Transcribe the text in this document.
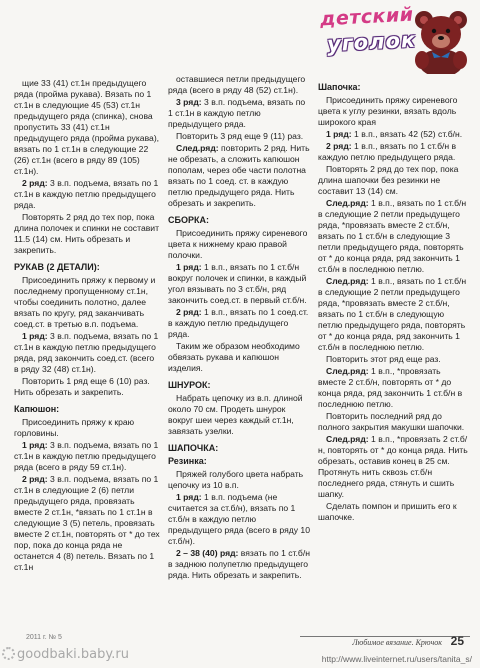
детский
уголок

щие 33 (41) ст.1н предыдущего ряда (пройма рукава). Вязать по 1 ст.1н в следующие 45 (53) ст.1н предыдущего ряда (спинка), снова пропустить 33 (41) ст.1н предыдущего ряда (пройма рукава), вязать по 1 ст.1н в следующие 22 (26) ст.1н (всего в ряду 89 (105) ст.1н).

2 ряд: 3 в.п. подъема, вязать по 1 ст.1н в каждую петлю предыдущего ряда.

Повторять 2 ряд до тех пор, пока длина полочек и спинки не составит 11.5 (14) см. Нить обрезать и закрепить.

РУКАВ (2 ДЕТАЛИ):

Присоединить пряжу к первому и последнему пропущенному ст.1н, чтобы соединить полотно, далее вязать по кругу, ряд заканчивать соед.ст. в третью в.п. подъема.

1 ряд: 3 в.п. подъема, вязать по 1 ст.1н в каждую петлю предыдущего ряда, ряд закончить соед.ст. (всего в ряду 32 (48) ст.1н).

Повторить 1 ряд еще 6 (10) раз. Нить обрезать и закрепить.

Капюшон:

Присоединить пряжу к краю горловины.

1 ряд: 3 в.п. подъема, вязать по 1 ст.1н в каждую петлю предыдущего ряда (всего в ряду 59 ст.1н).

2 ряд: 3 в.п. подъема, вязать по 1 ст.1н в следующие 2 (6) петли предыдущего ряда, провязать вместе 2 ст.1н, *вязать по 1 ст.1н в следующие 3 (5) петель, провязать вместе 2 ст.1н, повторять от * до тех пор, пока до конца ряда не останется 4 (8) петель. Вязать по 1 ст.1н

оставшиеся петли предыдущего ряда (всего в ряду 48 (52) ст.1н).

3 ряд: 3 в.п. подъема, вязать по 1 ст.1н в каждую петлю предыдущего ряда.

Повторить 3 ряд еще 9 (11) раз.

След.ряд: повторить 2 ряд. Нить не обрезать, а сложить капюшон пополам, через обе части полотна вязать по 1 соед. ст. в каждую петлю предыдущего ряда. Нить обрезать и закрепить.

СБОРКА:

Присоединить пряжу сиреневого цвета к нижнему краю правой полочки.

1 ряд: 1 в.п., вязать по 1 ст.б/н вокруг полочек и спинки, в каждый угол вязывать по 3 ст.б/н, ряд закончить соед.ст. в первый ст.б/н.

2 ряд: 1 в.п., вязать по 1 соед.ст. в каждую петлю предыдущего ряда.

Таким же образом необходимо обвязать рукава и капюшон изделия.

ШНУРОК:

Набрать цепочку из в.п. длиной около 70 см. Продеть шнурок вокруг шеи через каждый ст.1н, завязать узелки.

ШАПОЧКА:

Резинка:

Пряжей голубого цвета набрать цепочку из 10 в.п.

1 ряд: 1 в.п. подъема (не считается за ст.б/н), вязать по 1 ст.б/н в каждую петлю предыдущего ряда (всего в ряду 10 ст.б/н).

2 – 38 (40) ряд: вязать по 1 ст.б/н в заднюю полупетлю предыдущего ряда. Нить обрезать и закрепить.

Шапочка:

Присоединить пряжу сиреневого цвета к углу резинки, вязать вдоль широкого края

1 ряд: 1 в.п., вязать 42 (52) ст.б/н.

2 ряд: 1 в.п., вязать по 1 ст.б/н в каждую петлю предыдущего ряда.

Повторять 2 ряд до тех пор, пока длина шапочки без резинки не составит 13 (14) см.

След.ряд: 1 в.п., вязать по 1 ст.б/н в следующие 2 петли предыдущего ряда, *провязать вместе 2 ст.б/н, вязать по 1 ст.б/н в следующие 3 петли предыдущего ряда, повторять от * до конца ряда, ряд закончить 1 ст.б/н в последнюю петлю.

След.ряд: 1 в.п., вязать по 1 ст.б/н в следующие 2 петли предыдущего ряда, *провязать вместе 2 ст.б/н, вязать по 1 ст.б/н в следующую петлю предыдущего ряда, повторять от * до конца ряда, ряд закончить 1 ст.б/н в последнюю петлю.

Повторить этот ряд еще раз.

След.ряд: 1 в.п., *провязать вместе 2 ст.б/н, повторять от * до конца ряда, ряд закончить 1 ст.б/н в последнюю петлю.

Повторить последний ряд до полного закрытия макушки шапочки.

След.ряд: 1 в.п., *провязать 2 ст.б/н, повторять от * до конца ряда. Нить обрезать, оставив конец в 25 см. Протянуть нить сквозь ст.б/н последнего ряда, стянуть и сшить шапку.

Сделать помпон и пришить его к шапочке.

2011 г. № 5
Любимое вязание. Крючок 25
goodbaki.baby.ru	http://www.liveinternet.ru/users/tanita_s/
